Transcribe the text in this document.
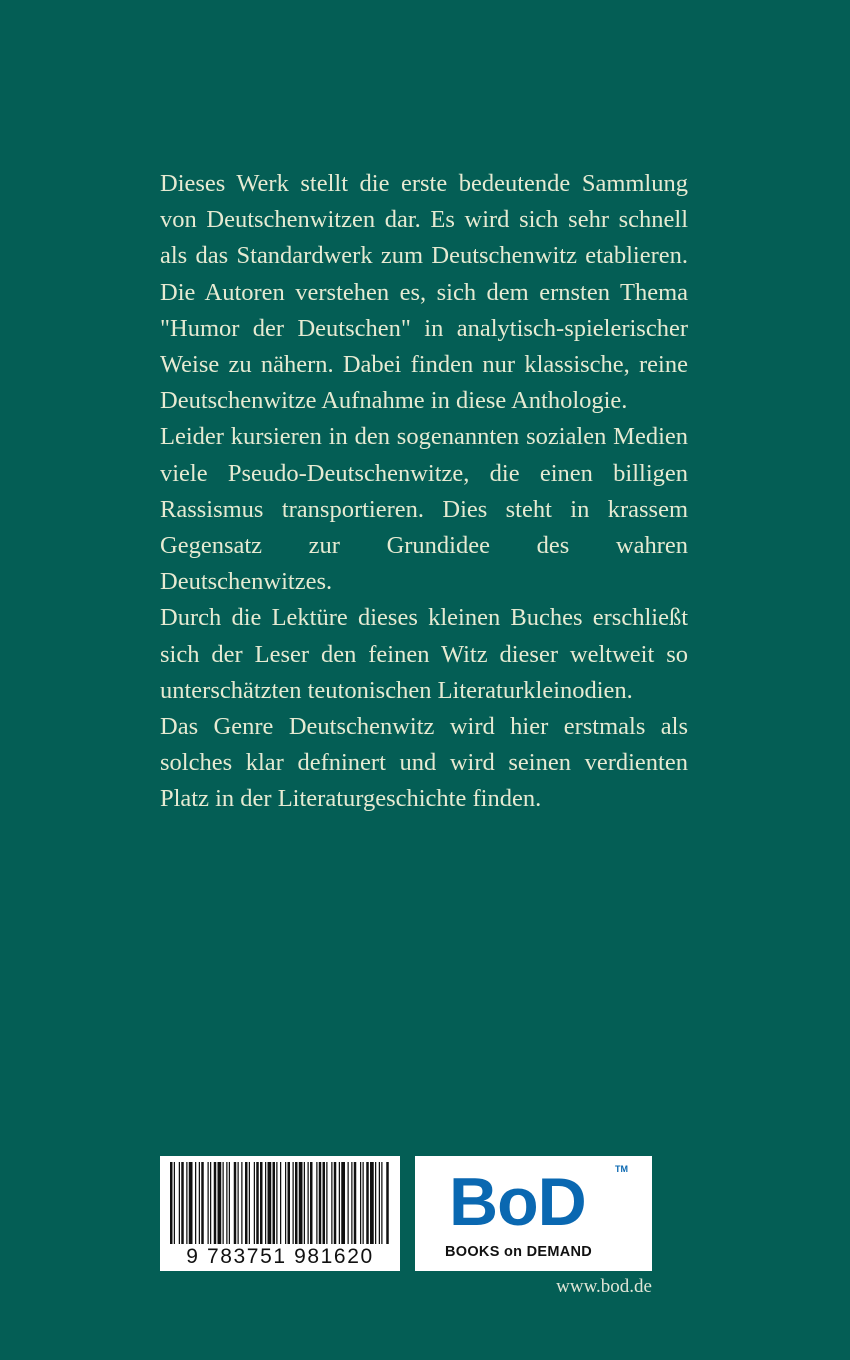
Dieses Werk stellt die erste bedeutende Sammlung von Deutschenwitzen dar. Es wird sich sehr schnell als das Standardwerk zum Deutschenwitz etablieren. Die Autoren verstehen es, sich dem ernsten Thema "Humor der Deutschen" in analytisch-spielerischer Weise zu nähern. Dabei finden nur klassische, reine Deutschenwitze Aufnahme in diese Anthologie.

Leider kursieren in den sogenannten sozialen Medien viele Pseudo-Deutschenwitze, die einen billigen Rassismus transportieren. Dies steht in krassem Gegensatz zur Grundidee des wahren Deutschenwitzes.

Durch die Lektüre dieses kleinen Buches erschließt sich der Leser den feinen Witz dieser weltweit so unterschätzten teutonischen Literaturkleinodien.

Das Genre Deutschenwitz wird hier erstmals als solches klar defninert und wird seinen verdienten Platz in der Literaturgeschichte finden.

9 783751 981620
BoD	TM
BOOKS on DEMAND
www.bod.de
